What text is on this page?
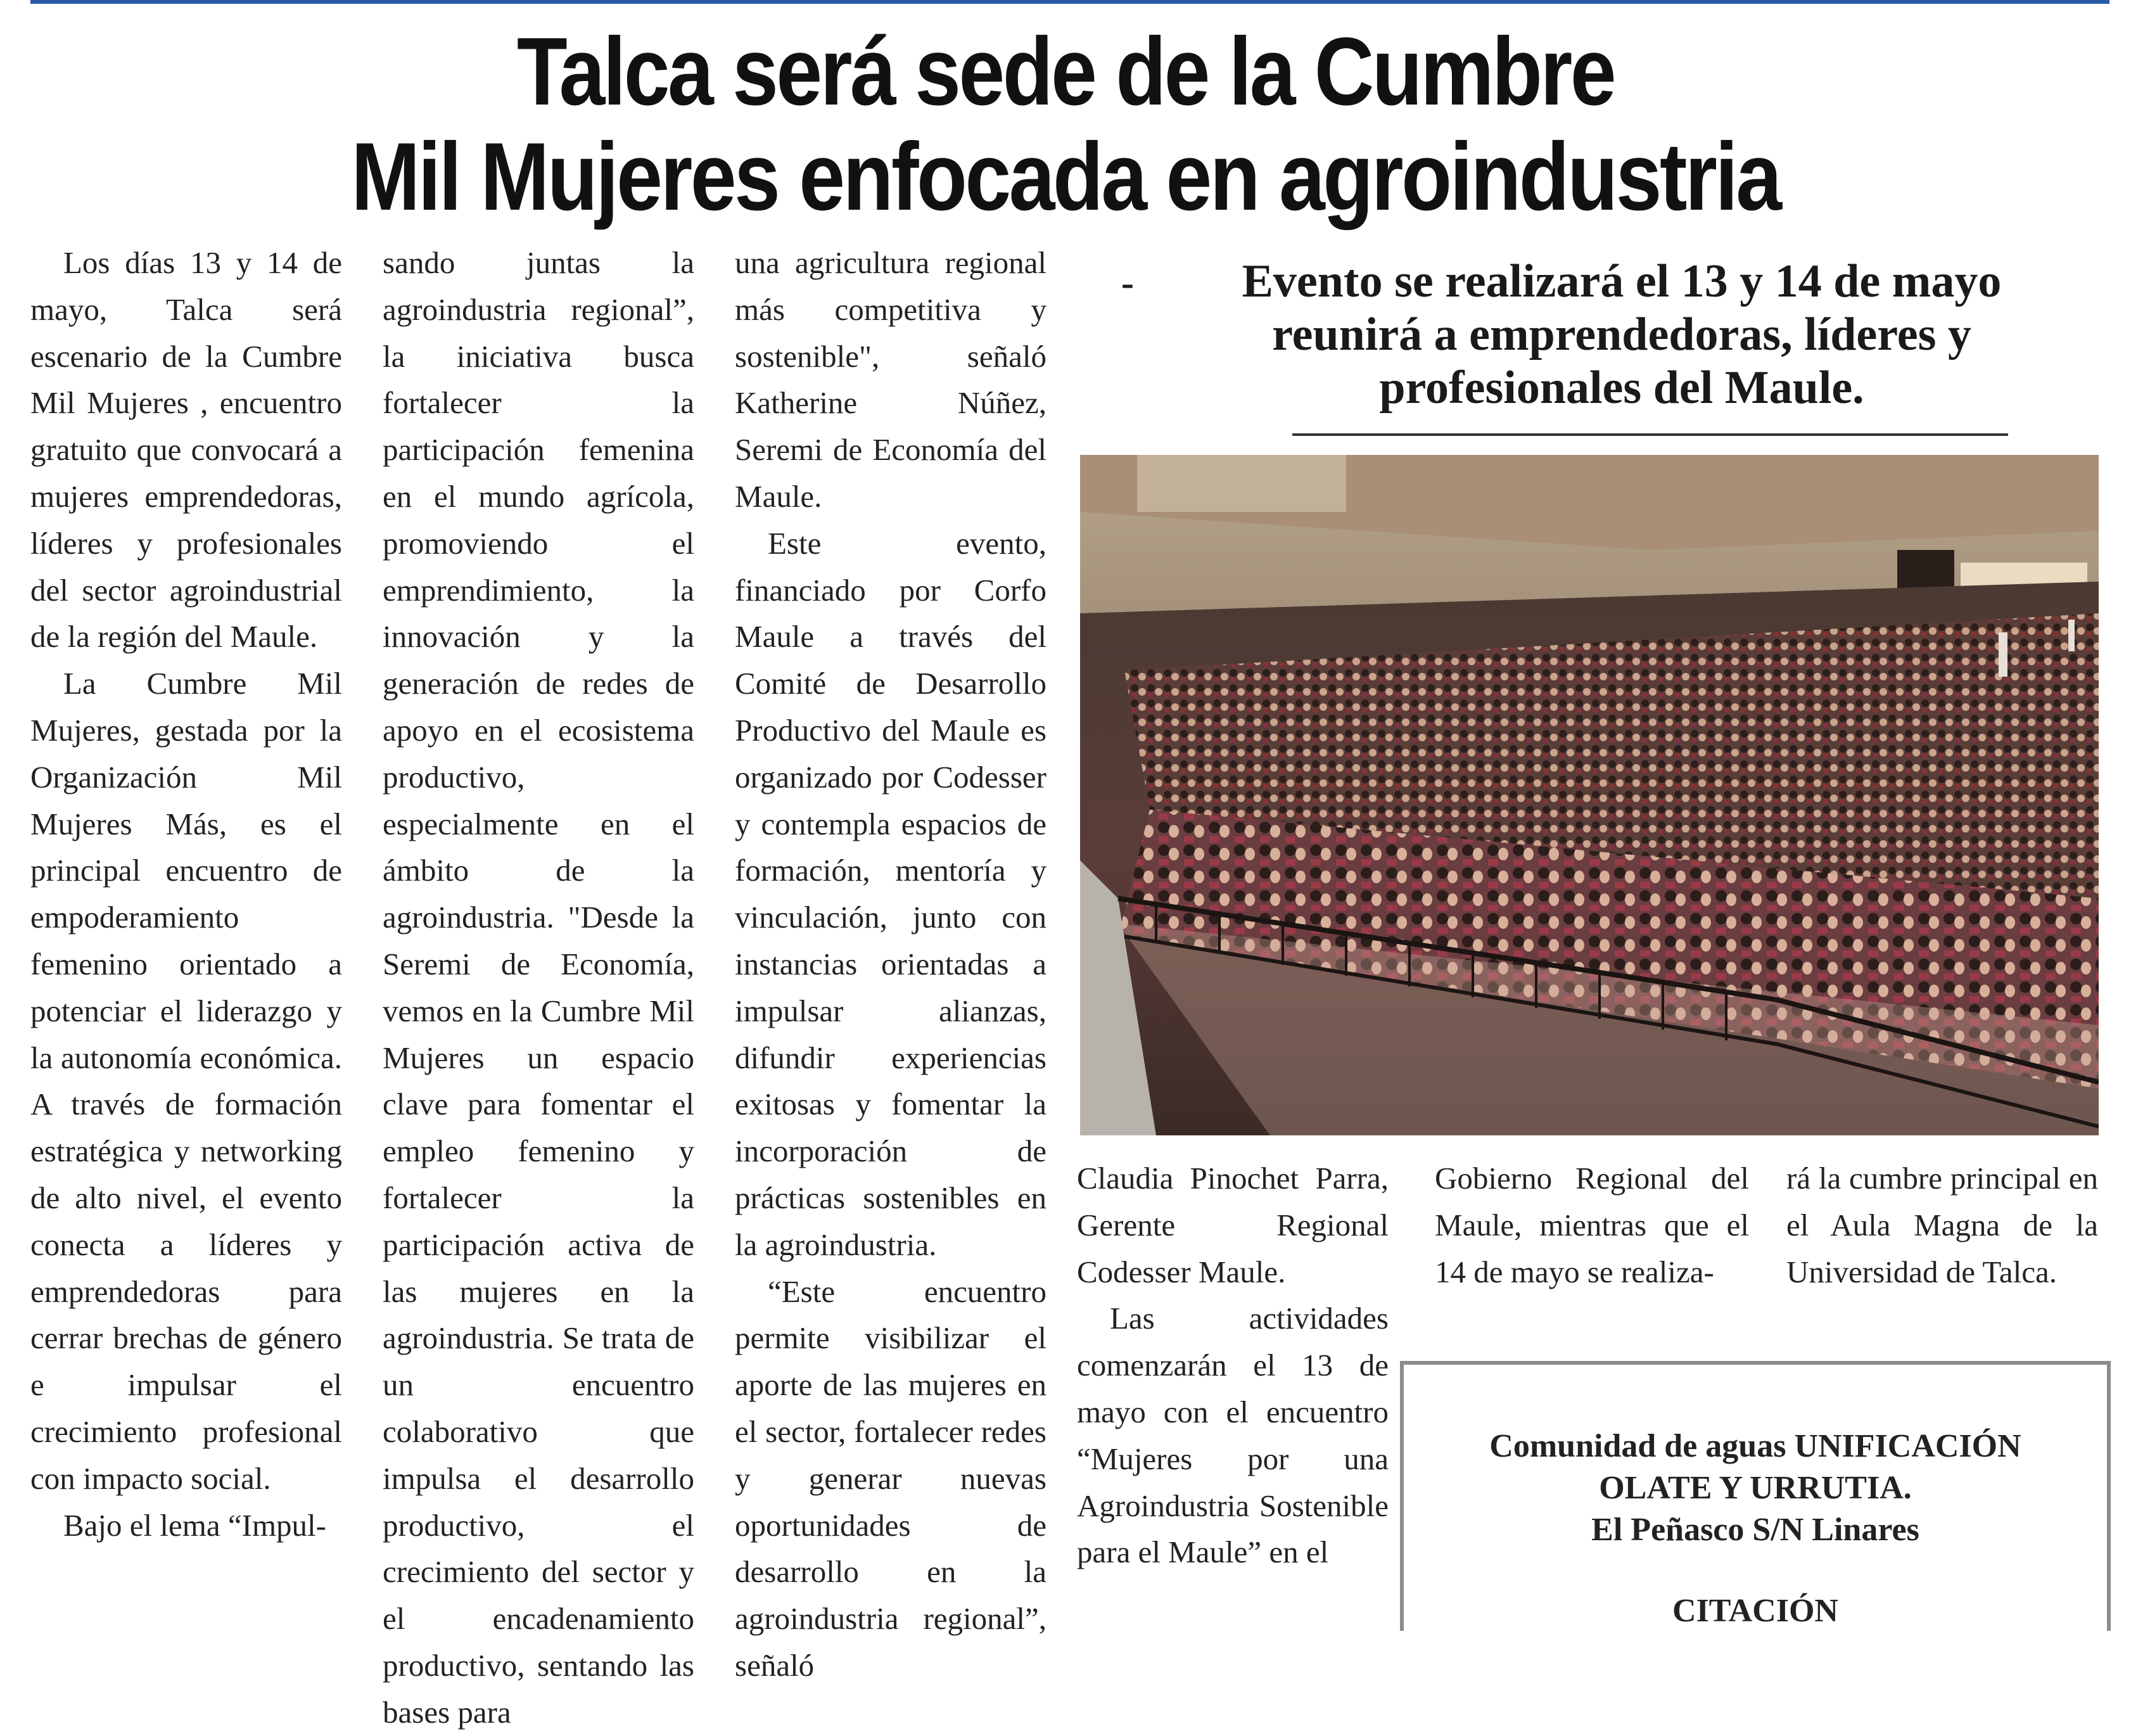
Talca será sede de la Cumbre
Mil Mujeres enfocada en agroindustria

Los días 13 y 14 de mayo, Talca será escenario de la Cumbre Mil Mujeres , encuentro gratuito que convocará a mujeres emprendedoras, líderes y profesionales del sector agroindustrial de la región del Maule.

La Cumbre Mil Mujeres, gestada por la Organización Mil Mujeres Más, es el principal encuentro de empoderamiento femenino orientado a potenciar el liderazgo y la autonomía económica. A través de formación estratégica y networking de alto nivel, el evento conecta a líderes y emprendedoras para cerrar brechas de género e impulsar el crecimiento profesional con impacto social.

Bajo el lema “Impul-

sando juntas la agroindustria regional”, la iniciativa busca fortalecer la participación femenina en el mundo agrícola, promoviendo el emprendimiento, la innovación y la generación de redes de apoyo en el ecosistema productivo, especialmente en el ámbito de la agroindustria. "Desde la Seremi de Economía, vemos en la Cumbre Mil Mujeres un espacio clave para fomentar el empleo femenino y fortalecer la participación activa de las mujeres en la agroindustria. Se trata de un encuentro colaborativo que impulsa el desarrollo productivo, el crecimiento del sector y el encadenamiento productivo, sentando las bases para

una agricultura regional más competitiva y sostenible", señaló Katherine Núñez, Seremi de Economía del Maule.

Este evento, financiado por Corfo Maule a través del Comité de Desarrollo Productivo del Maule es organizado por Codesser y contempla espacios de formación, mentoría y vinculación, junto con instancias orientadas a impulsar alianzas, difundir experiencias exitosas y fomentar la incorporación de prácticas sostenibles en la agroindustria.

“Este encuentro permite visibilizar el aporte de las mujeres en el sector, fortalecer redes y generar nuevas oportunidades de desarrollo en la agroindustria regional”, señaló

-	Evento se realizará el 13 y 14 de mayo reunirá a emprendedoras, líderes y profesionales del Maule.

Claudia Pinochet Parra, Gerente Regional Codesser Maule.

Las actividades comenzarán el 13 de mayo con el encuentro “Mujeres por una Agroindustria Sostenible para el Maule” en el

Gobierno Regional del Maule, mientras que el 14 de mayo se realiza-

rá la cumbre principal en el Aula Magna de la Universidad de Talca.

Comunidad de aguas UNIFICACIÓN
OLATE Y URRUTIA.
El Peñasco S/N Linares
CITACIÓN
